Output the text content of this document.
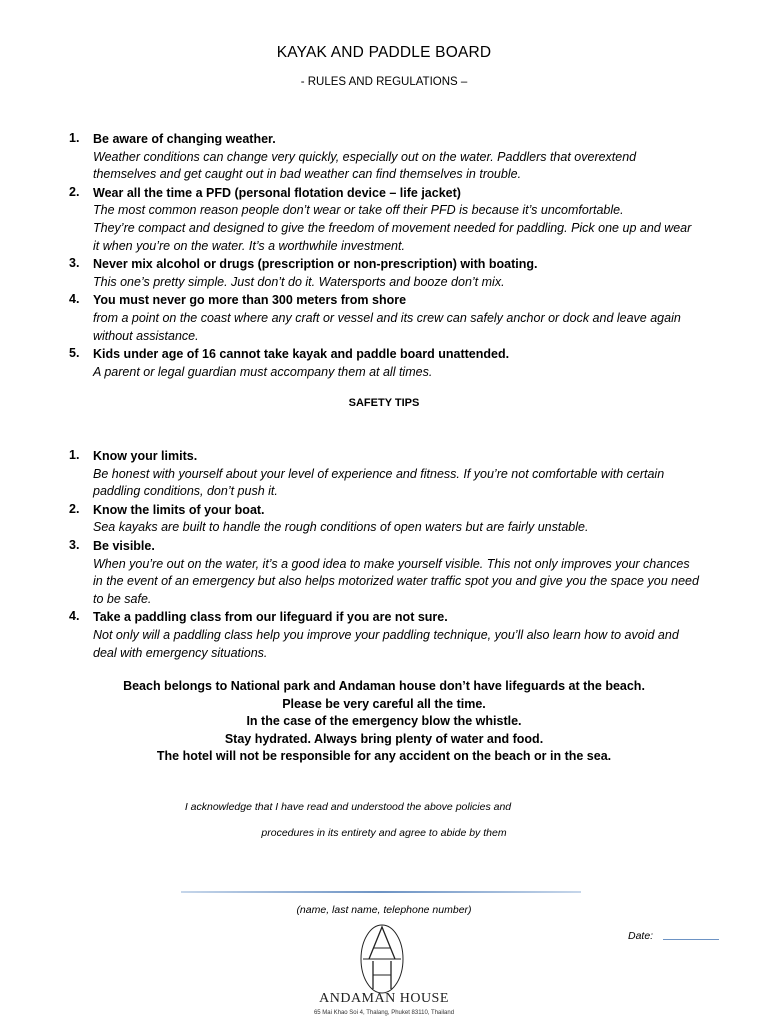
KAYAK AND PADDLE BOARD
- RULES AND REGULATIONS –
1. Be aware of changing weather.
Weather conditions can change very quickly, especially out on the water. Paddlers that overextend
themselves and get caught out in bad weather can find themselves in trouble.
2. Wear all the time a PFD (personal flotation device – life jacket)
The most common reason people don’t wear or take off their PFD is because it’s uncomfortable.
They’re compact and designed to give the freedom of movement needed for paddling. Pick one up and wear
it when you’re on the water. It’s a worthwhile investment.
3. Never mix alcohol or drugs (prescription or non-prescription) with boating.
This one’s pretty simple. Just don’t do it. Watersports and booze don’t mix.
4. You must never go more than 300 meters from shore
from a point on the coast where any craft or vessel and its crew can safely anchor or dock and leave again
without assistance.
5. Kids under age of 16 cannot take kayak and paddle board unattended.
A parent or legal guardian must accompany them at all times.
SAFETY TIPS
1. Know your limits.
Be honest with yourself about your level of experience and fitness. If you’re not comfortable with certain
paddling conditions, don’t push it.
2. Know the limits of your boat.
Sea kayaks are built to handle the rough conditions of open waters but are fairly unstable.
3. Be visible.
When you’re out on the water, it’s a good idea to make yourself visible. This not only improves your chances
in the event of an emergency but also helps motorized water traffic spot you and give you the space you need
to be safe.
4. Take a paddling class from our lifeguard if you are not sure.
Not only will a paddling class help you improve your paddling technique, you’ll also learn how to avoid and
deal with emergency situations.
Beach belongs to National park and Andaman house don’t have lifeguards at the beach.
Please be very careful all the time.
In the case of the emergency blow the whistle.
Stay hydrated. Always bring plenty of water and food.
The hotel will not be responsible for any accident on the beach or in the sea.
I acknowledge that I have read and understood the above policies and
procedures in its entirety and agree to abide by them
(name, last name, telephone number)
Date:
ANDAMAN HOUSE
65 Mai Khao Soi 4, Thalang, Phuket 83110, Thailand
